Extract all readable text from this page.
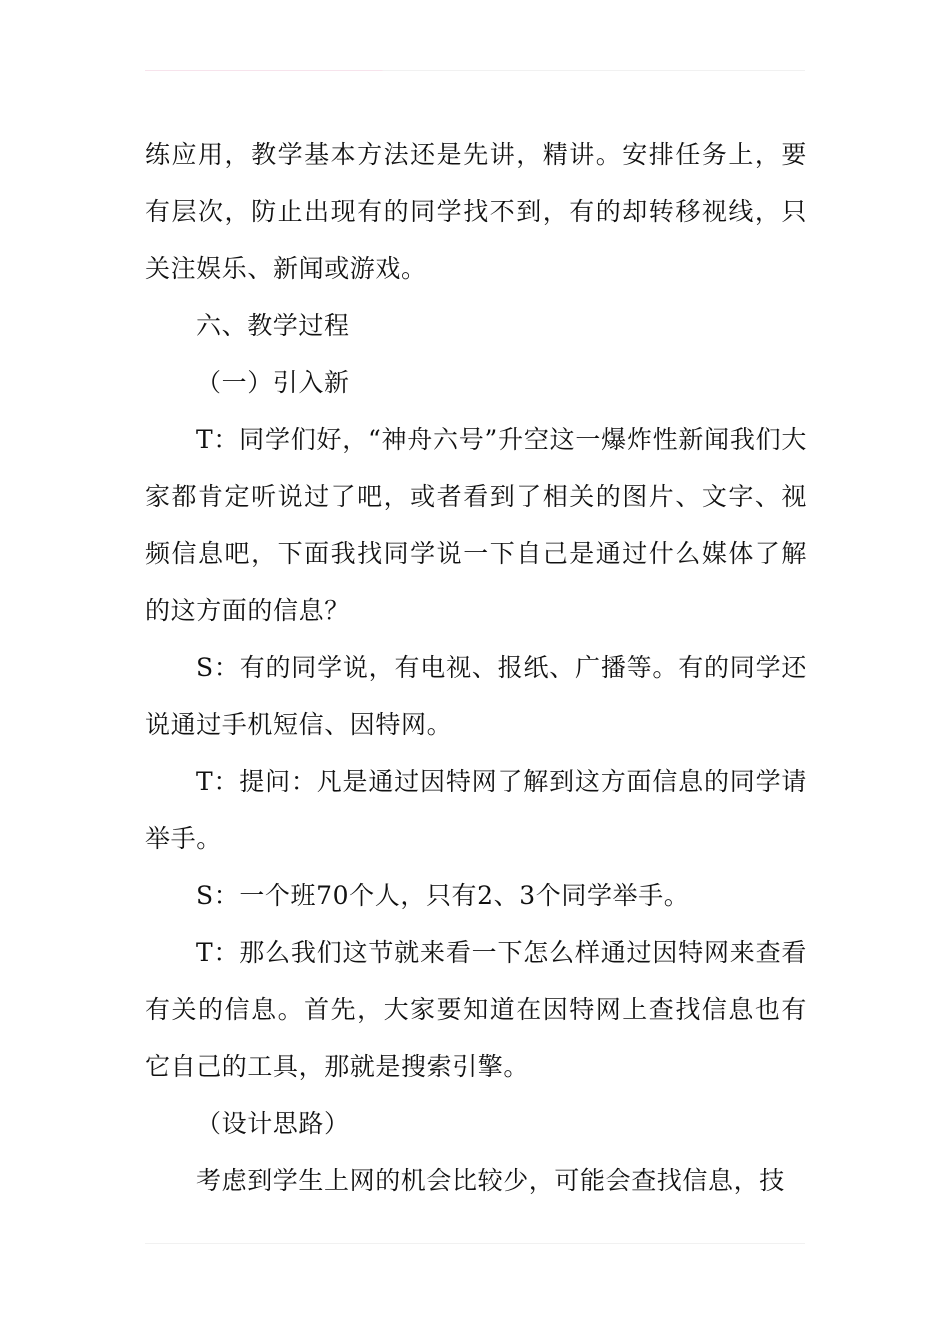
练应用，教学基本方法还是先讲，精讲。安排任务上，要有层次，防止出现有的同学找不到，有的却转移视线，只关注娱乐、新闻或游戏。

六、教学过程

（一）引入新

T：同学们好，“神舟六号”升空这一爆炸性新闻我们大家都肯定听说过了吧，或者看到了相关的图片、文字、视频信息吧，下面我找同学说一下自己是通过什么媒体了解的这方面的信息？

S：有的同学说，有电视、报纸、广播等。有的同学还说通过手机短信、因特网。

T：提问：凡是通过因特网了解到这方面信息的同学请举手。

S：一个班70个人，只有2、3个同学举手。

T：那么我们这节就来看一下怎么样通过因特网来查看有关的信息。首先，大家要知道在因特网上查找信息也有它自己的工具，那就是搜索引擎。

（设计思路）

考虑到学生上网的机会比较少，可能会查找信息，技
